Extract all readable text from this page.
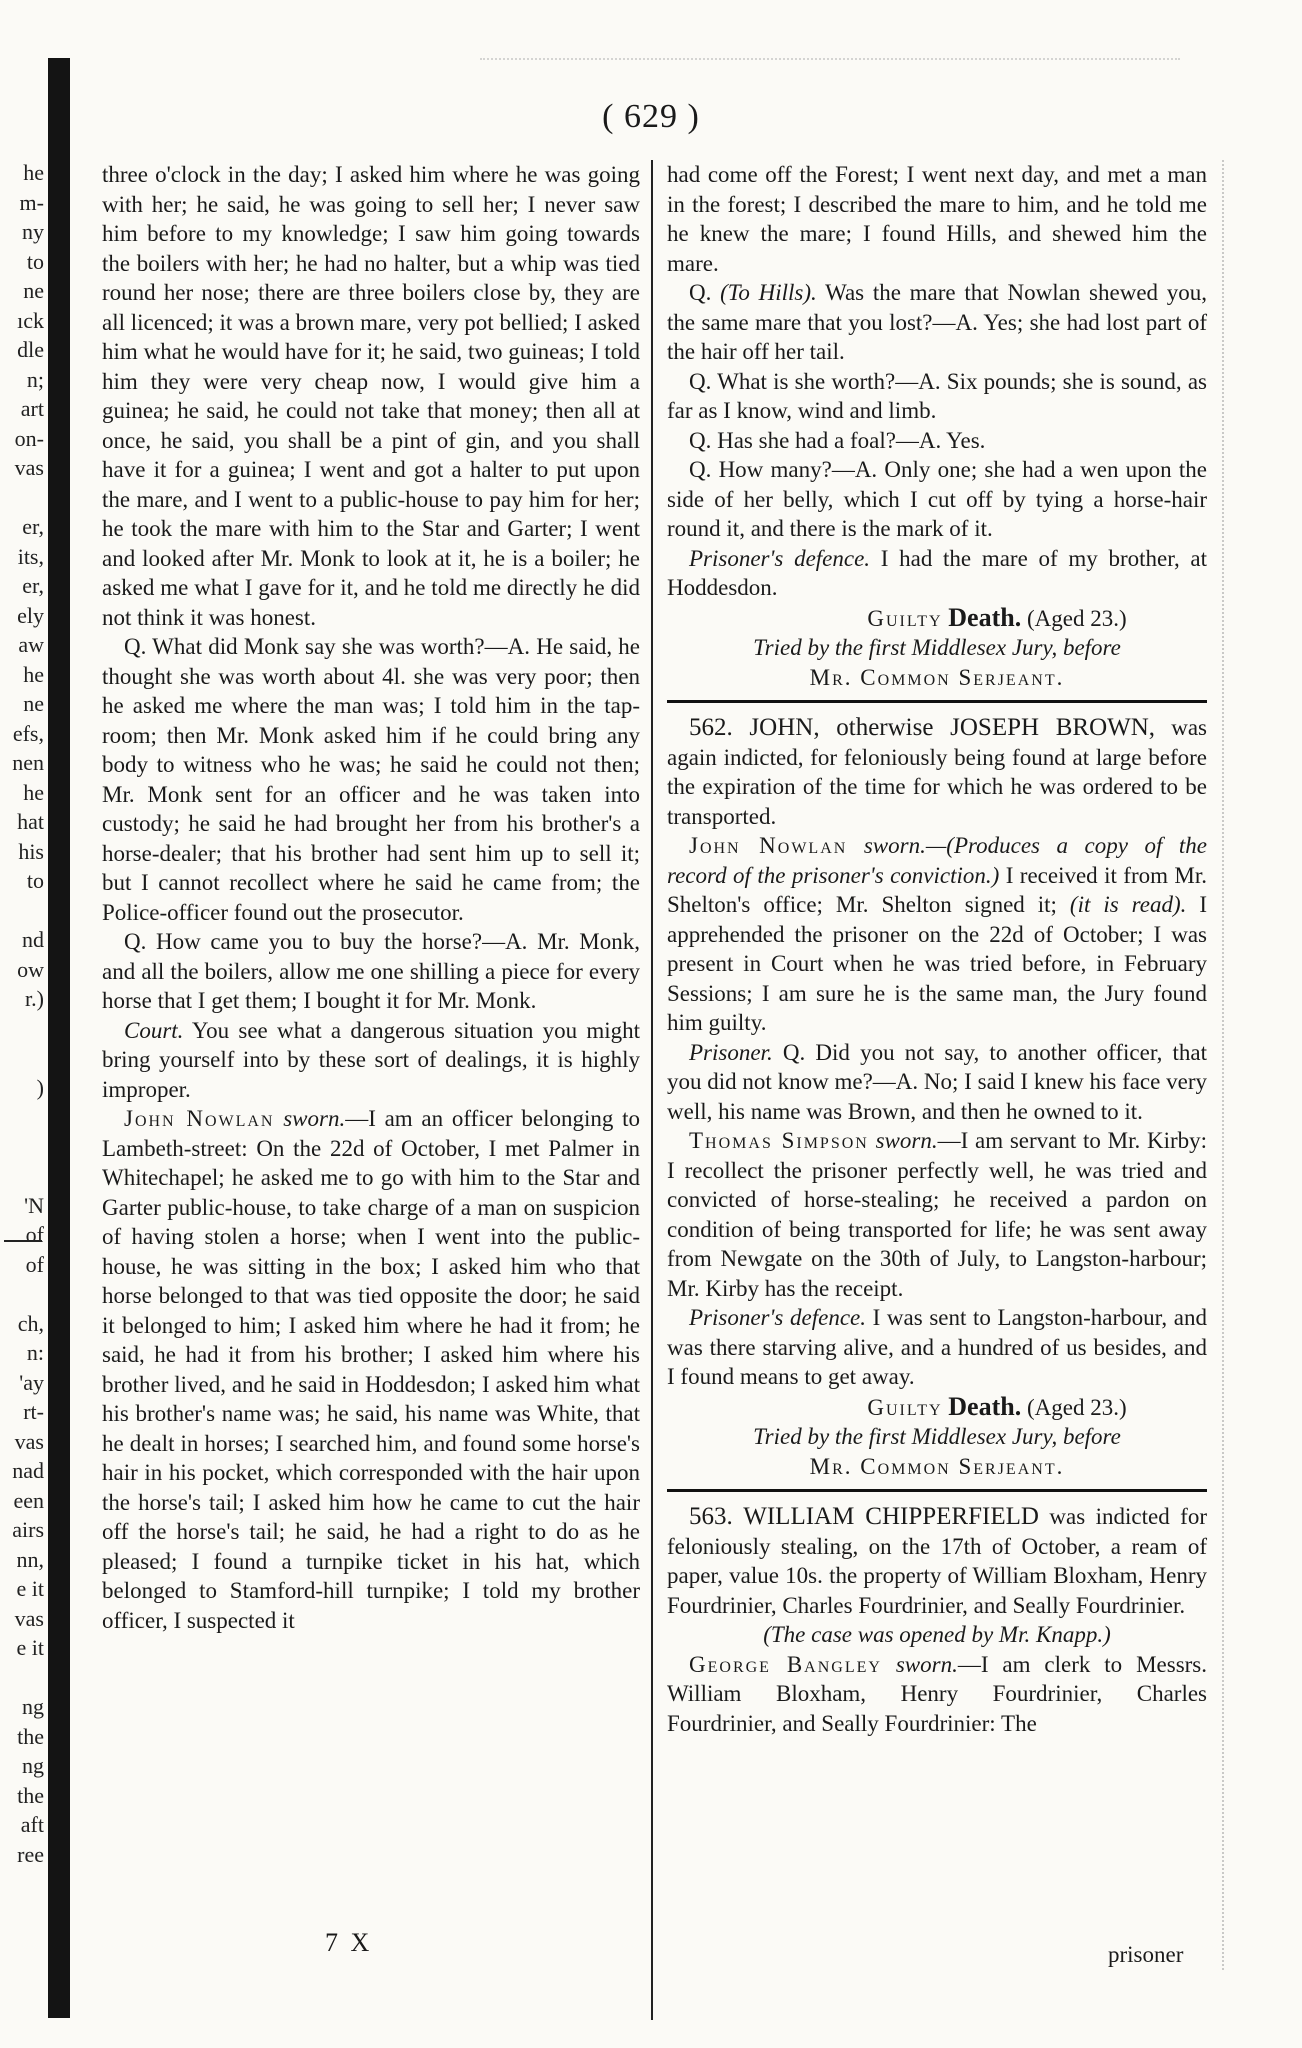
he
m-
ny
to
ne
ıck
dle
n;
art
on-
vas
er,
its,
er,
ely
aw
he
ne
efs,
nen
he
hat
his
to
nd
ow
r.)
)
'N
of
of
ch,
n:
'ay
rt-
vas
nad
een
airs
nn,
e it
vas
e it
ng
the
ng
the
aft
ree
( 629 )

three o'clock in the day; I asked him where he was going with her; he said, he was going to sell her; I never saw him before to my knowledge; I saw him going towards the boilers with her; he had no halter, but a whip was tied round her nose; there are three boilers close by, they are all licenced; it was a brown mare, very pot bellied; I asked him what he would have for it; he said, two guineas; I told him they were very cheap now, I would give him a guinea; he said, he could not take that money; then all at once, he said, you shall be a pint of gin, and you shall have it for a guinea; I went and got a halter to put upon the mare, and I went to a public-house to pay him for her; he took the mare with him to the Star and Garter; I went and looked after Mr. Monk to look at it, he is a boiler; he asked me what I gave for it, and he told me directly he did not think it was honest.

Q. What did Monk say she was worth?—A. He said, he thought she was worth about 4l. she was very poor; then he asked me where the man was; I told him in the tap-room; then Mr. Monk asked him if he could bring any body to witness who he was; he said he could not then; Mr. Monk sent for an officer and he was taken into custody; he said he had brought her from his brother's a horse-dealer; that his brother had sent him up to sell it; but I cannot recollect where he said he came from; the Police-officer found out the prosecutor.

Q. How came you to buy the horse?—A. Mr. Monk, and all the boilers, allow me one shilling a piece for every horse that I get them; I bought it for Mr. Monk.

Court. You see what a dangerous situation you might bring yourself into by these sort of dealings, it is highly improper.

John Nowlan sworn.—I am an officer belonging to Lambeth-street: On the 22d of October, I met Palmer in Whitechapel; he asked me to go with him to the Star and Garter public-house, to take charge of a man on suspicion of having stolen a horse; when I went into the public-house, he was sitting in the box; I asked him who that horse belonged to that was tied opposite the door; he said it belonged to him; I asked him where he had it from; he said, he had it from his brother; I asked him where his brother lived, and he said in Hoddesdon; I asked him what his brother's name was; he said, his name was White, that he dealt in horses; I searched him, and found some horse's hair in his pocket, which corresponded with the hair upon the horse's tail; I asked him how he came to cut the hair off the horse's tail; he said, he had a right to do as he pleased; I found a turnpike ticket in his hat, which belonged to Stamford-hill turnpike; I told my brother officer, I suspected it

had come off the Forest; I went next day, and met a man in the forest; I described the mare to him, and he told me he knew the mare; I found Hills, and shewed him the mare.

Q. (To Hills). Was the mare that Nowlan shewed you, the same mare that you lost?—A. Yes; she had lost part of the hair off her tail.

Q. What is she worth?—A. Six pounds; she is sound, as far as I know, wind and limb.

Q. Has she had a foal?—A. Yes.

Q. How many?—A. Only one; she had a wen upon the side of her belly, which I cut off by tying a horse-hair round it, and there is the mark of it.

Prisoner's defence. I had the mare of my brother, at Hoddesdon.

Guilty Death. (Aged 23.)

Tried by the first Middlesex Jury, before

Mr. Common Serjeant.

562. JOHN, otherwise JOSEPH BROWN, was again indicted, for feloniously being found at large before the expiration of the time for which he was ordered to be transported.

John Nowlan sworn.—(Produces a copy of the record of the prisoner's conviction.) I received it from Mr. Shelton's office; Mr. Shelton signed it; (it is read). I apprehended the prisoner on the 22d of October; I was present in Court when he was tried before, in February Sessions; I am sure he is the same man, the Jury found him guilty.

Prisoner. Q. Did you not say, to another officer, that you did not know me?—A. No; I said I knew his face very well, his name was Brown, and then he owned to it.

Thomas Simpson sworn.—I am servant to Mr. Kirby: I recollect the prisoner perfectly well, he was tried and convicted of horse-stealing; he received a pardon on condition of being transported for life; he was sent away from Newgate on the 30th of July, to Langston-harbour; Mr. Kirby has the receipt.

Prisoner's defence. I was sent to Langston-harbour, and was there starving alive, and a hundred of us besides, and I found means to get away.

Guilty Death. (Aged 23.)

Tried by the first Middlesex Jury, before

Mr. Common Serjeant.

563. WILLIAM CHIPPERFIELD was indicted for feloniously stealing, on the 17th of October, a ream of paper, value 10s. the property of William Bloxham, Henry Fourdrinier, Charles Fourdrinier, and Seally Fourdrinier.

(The case was opened by Mr. Knapp.)

George Bangley sworn.—I am clerk to Messrs. William Bloxham, Henry Fourdrinier, Charles Fourdrinier, and Seally Fourdrinier: The

7 X	prisoner
